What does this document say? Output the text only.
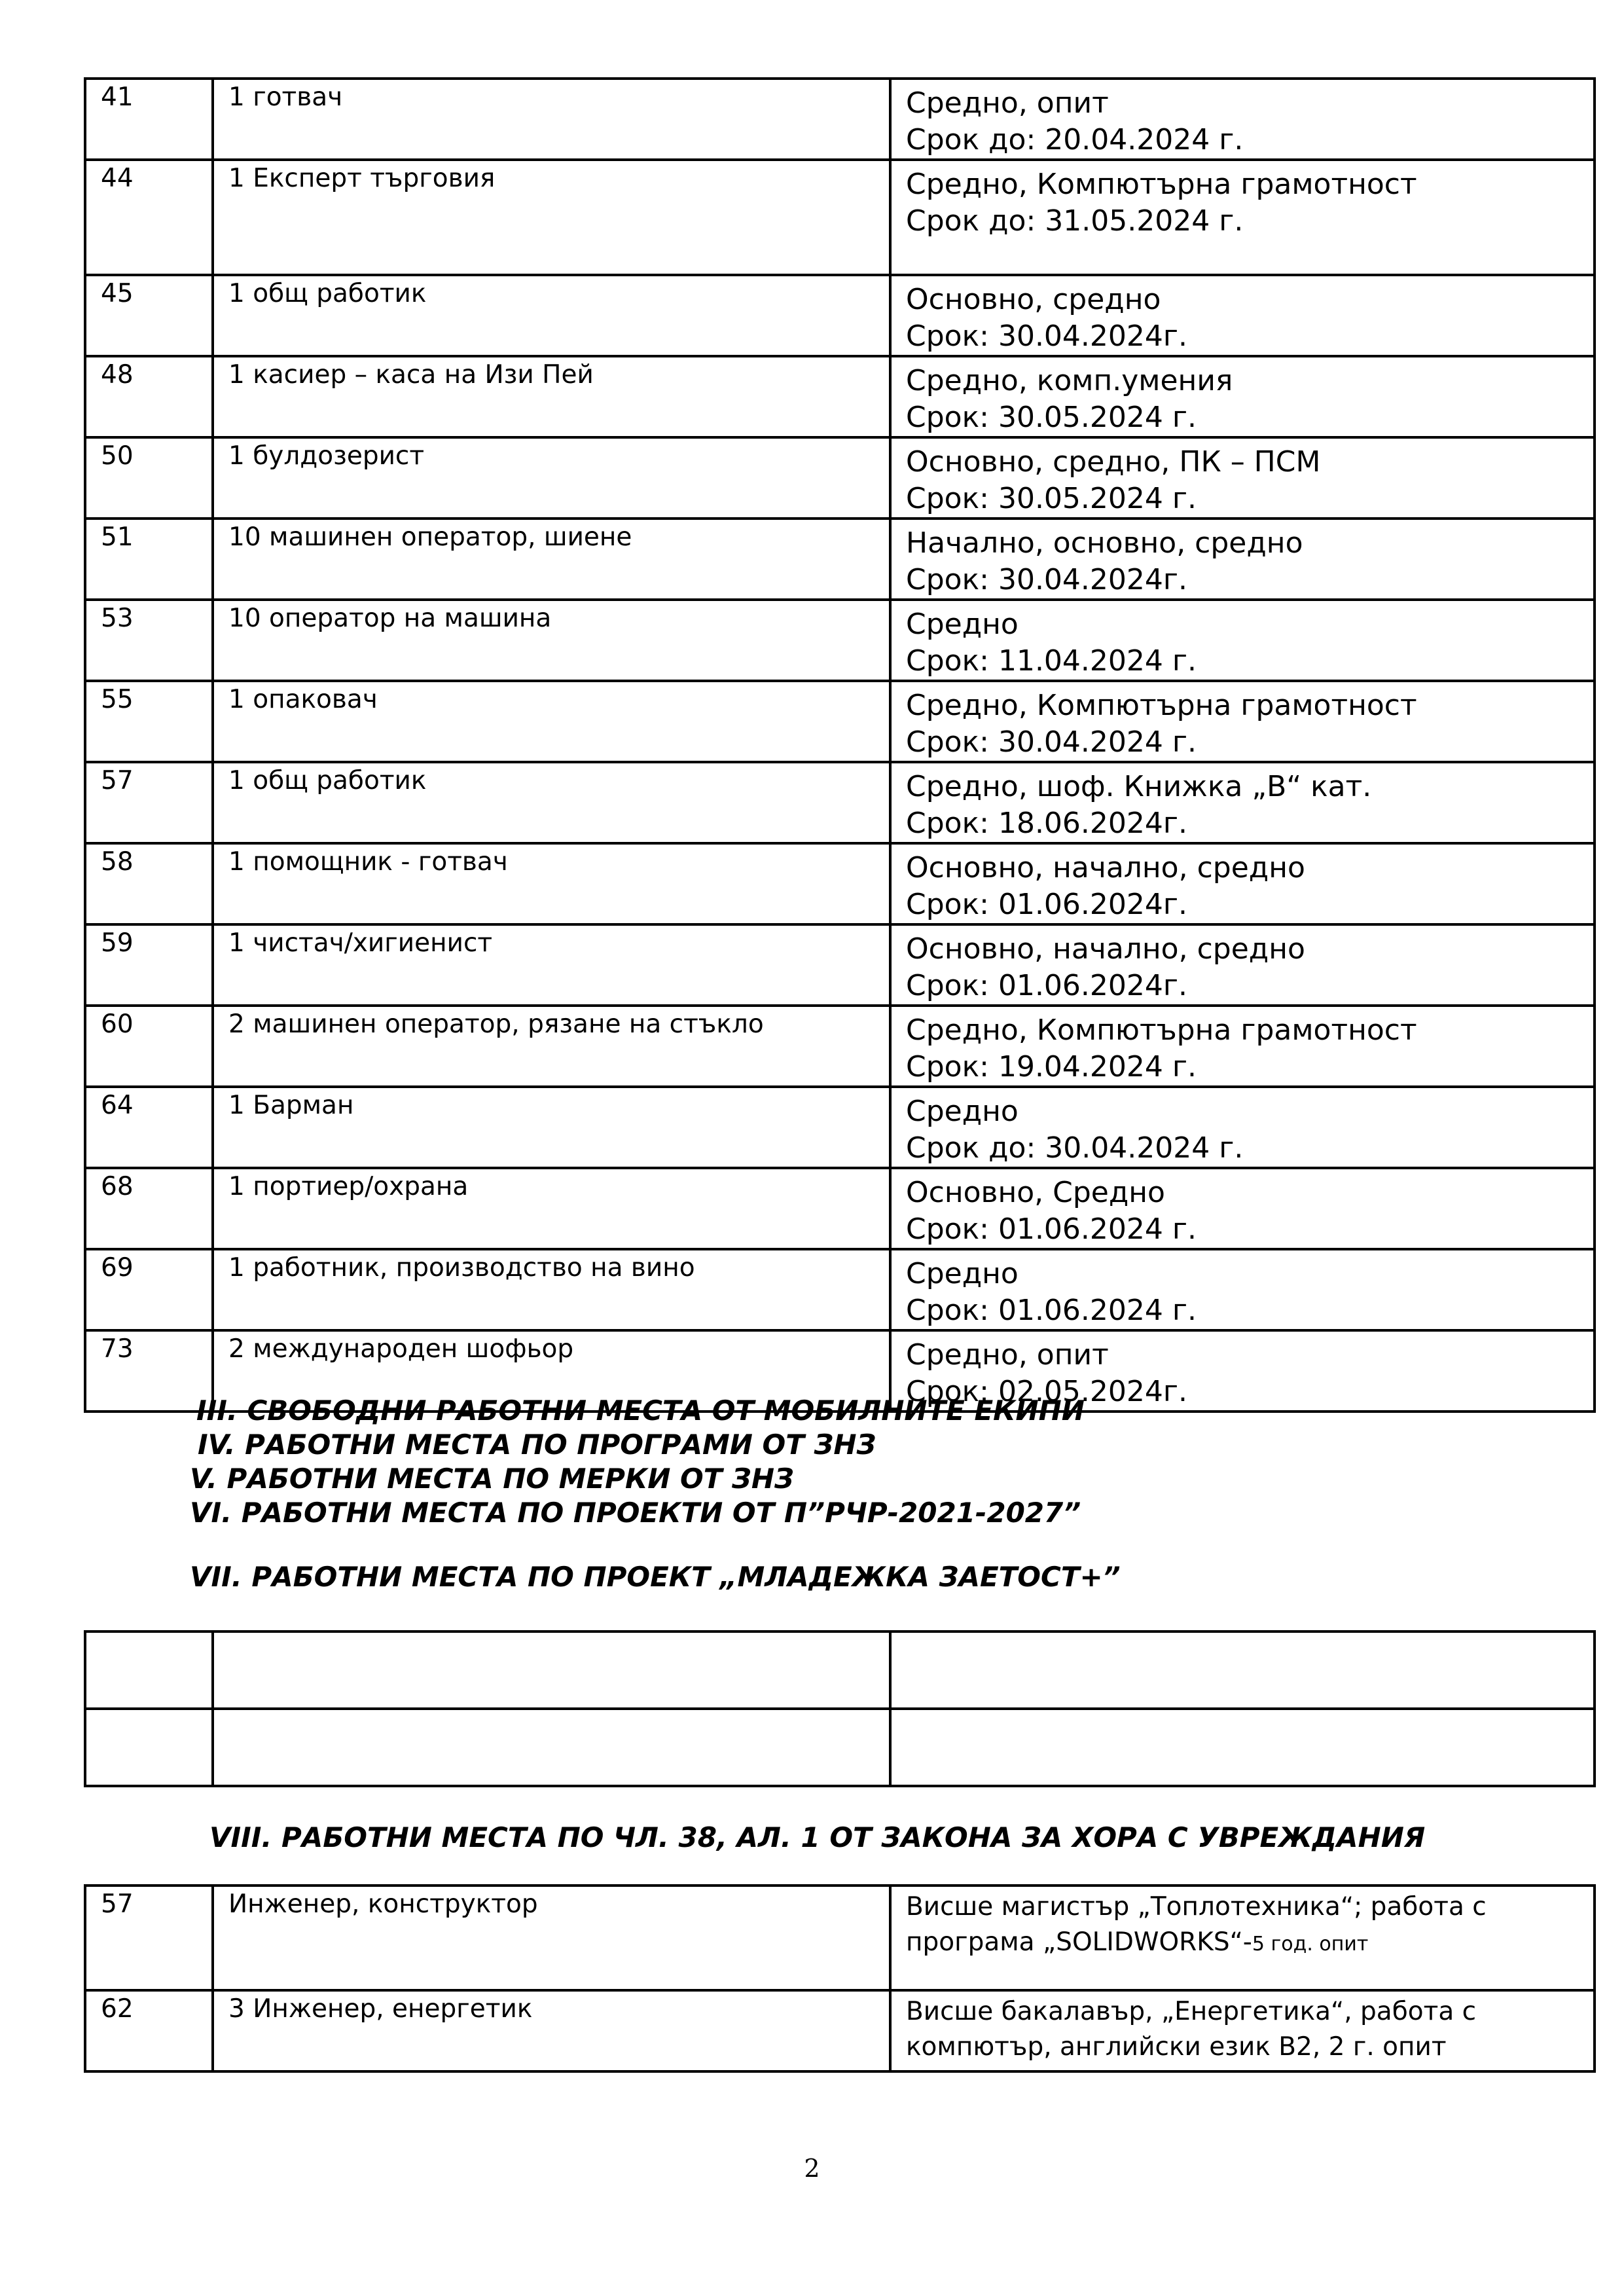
41	1 готвач	Средно, опит
Срок до: 20.04.2024 г.

44	1 Експерт търговия	Средно, Компютърна грамотност
Срок до: 31.05.2024 г.

45	1 общ работик	Основно, средно
Срок: 30.04.2024г.

48	1 касиер – каса на Изи Пей	Средно, комп.умения
Срок: 30.05.2024 г.

50	1 булдозерист	Основно, средно, ПК – ПСМ
Срок: 30.05.2024 г.

51	10 машинен оператор, шиене	Начално, основно, средно
Срок: 30.04.2024г.

53	10 оператор на машина	Средно
Срок: 11.04.2024 г.

55	1 опаковач	Средно, Компютърна грамотност
Срок: 30.04.2024 г.

57	1 общ работик	Средно, шоф. Книжка „В“ кат.
Срок: 18.06.2024г.

58	1 помощник - готвач	Основно, начално, средно
Срок: 01.06.2024г.

59	1 чистач/хигиенист	Основно, начално, средно
Срок: 01.06.2024г.

60	2 машинен оператор, рязане на стъкло	Средно, Компютърна грамотност
Срок: 19.04.2024 г.

64	1 Барман	Средно
Срок до: 30.04.2024 г.

68	1 портиер/охрана	Основно, Средно
Срок: 01.06.2024 г.

69	1 работник, производство на вино	Средно
Срок: 01.06.2024 г.

73	2 международен шофьор	Средно, опит
Срок: 02.05.2024г.
III. СВОБОДНИ РАБОТНИ МЕСТА ОТ МОБИЛНИТЕ ЕКИПИ
IV. РАБОТНИ МЕСТА ПО ПРОГРАМИ ОТ ЗНЗ
V. РАБОТНИ МЕСТА ПО МЕРКИ ОТ ЗНЗ
VI. РАБОТНИ МЕСТА ПО ПРОЕКТИ ОТ П”РЧР-2021-2027”
VII. РАБОТНИ МЕСТА ПО ПРОЕКТ „МЛАДЕЖКА ЗАЕТОСТ+”

VIII. РАБОТНИ МЕСТА ПО ЧЛ. 38, АЛ. 1 ОТ ЗАКОНА ЗА ХОРА С УВРЕЖДАНИЯ
57	Инженер, конструктор	Висше магистър „Топлотехника“; работа с
програма „SOLIDWORKS“-5 год. опит

62	3 Инженер, енергетик	Висше бакалавър, „Енергетика“, работа с
компютър, английски език B2, 2 г. опит
2
